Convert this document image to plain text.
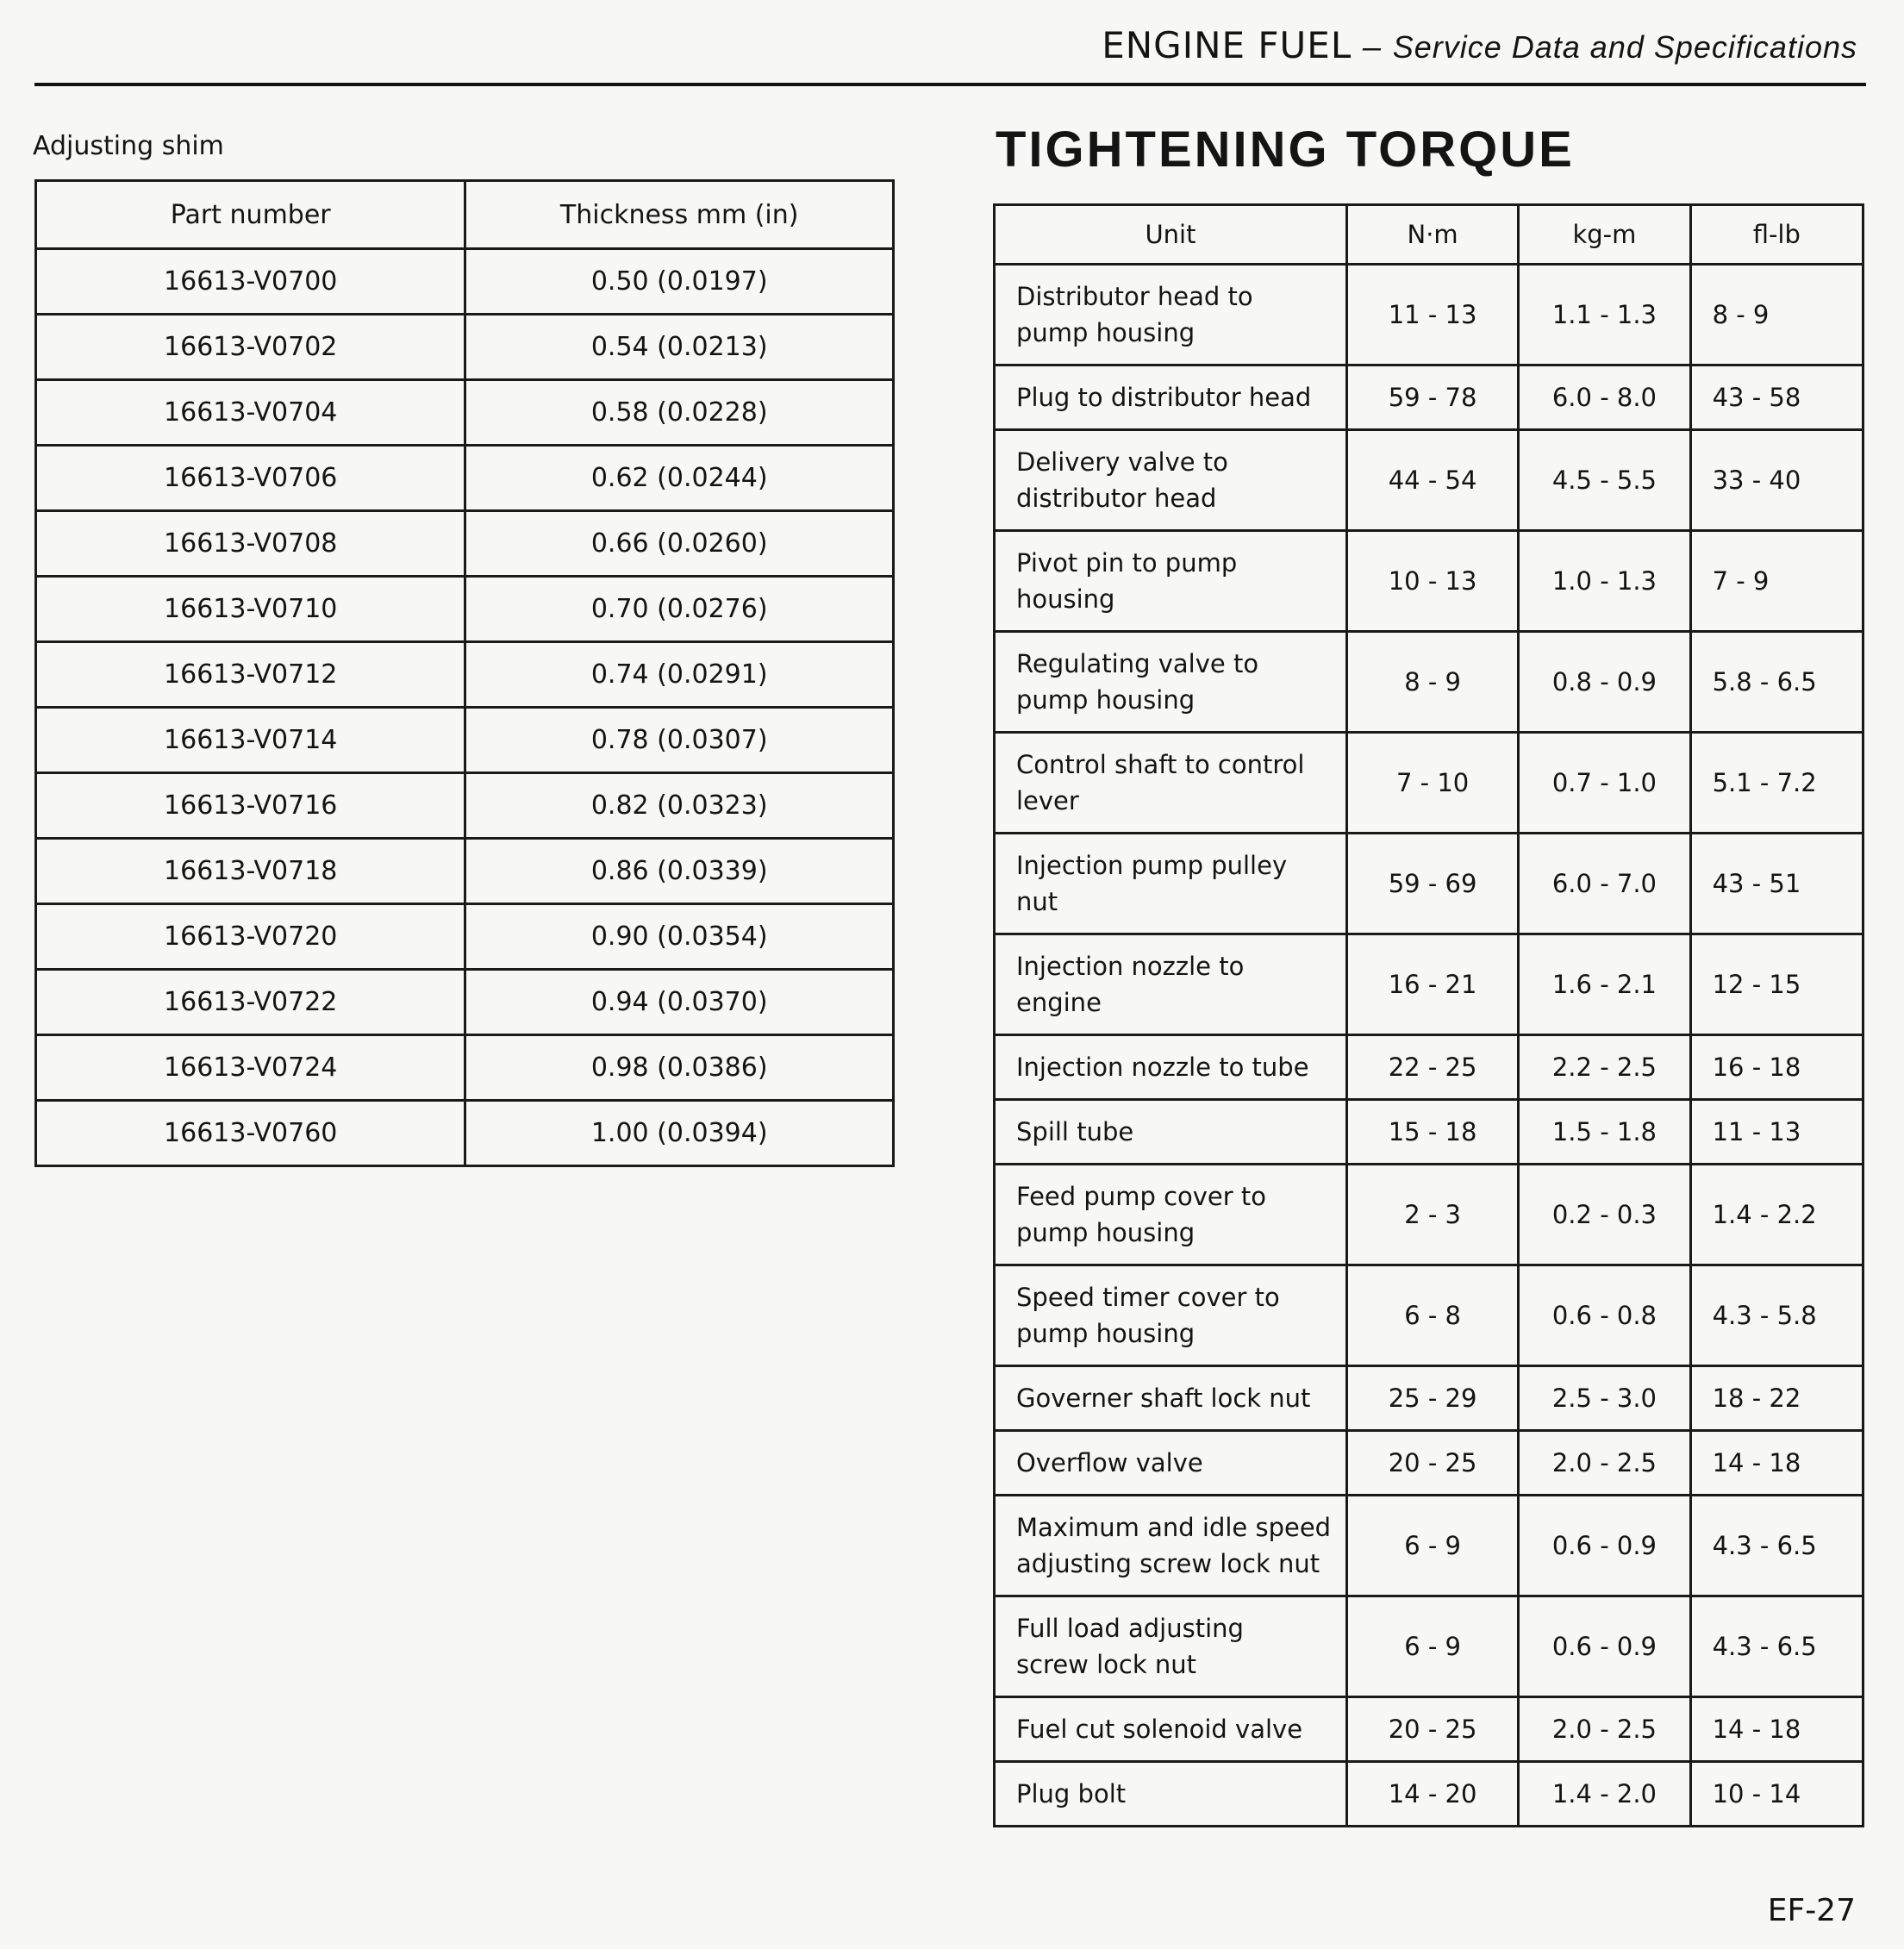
ENGINE FUEL – Service Data and Specifications
Adjusting shim
Part number	Thickness mm (in)
16613-V0700	0.50 (0.0197)
16613-V0702	0.54 (0.0213)
16613-V0704	0.58 (0.0228)
16613-V0706	0.62 (0.0244)
16613-V0708	0.66 (0.0260)
16613-V0710	0.70 (0.0276)
16613-V0712	0.74 (0.0291)
16613-V0714	0.78 (0.0307)
16613-V0716	0.82 (0.0323)
16613-V0718	0.86 (0.0339)
16613-V0720	0.90 (0.0354)
16613-V0722	0.94 (0.0370)
16613-V0724	0.98 (0.0386)
16613-V0760	1.00 (0.0394)
TIGHTENING TORQUE
Unit	N·m	kg-m	fl-lb

Distributor head to
pump housing	11 - 13	1.1 - 1.3	8 - 9

Plug to distributor head	59 - 78	6.0 - 8.0	43 - 58

Delivery valve to
distributor head	44 - 54	4.5 - 5.5	33 - 40

Pivot pin to pump
housing	10 - 13	1.0 - 1.3	7 - 9

Regulating valve to
pump housing	8 - 9	0.8 - 0.9	5.8 - 6.5

Control shaft to control
lever	7 - 10	0.7 - 1.0	5.1 - 7.2

Injection pump pulley
nut	59 - 69	6.0 - 7.0	43 - 51

Injection nozzle to
engine	16 - 21	1.6 - 2.1	12 - 15

Injection nozzle to tube	22 - 25	2.2 - 2.5	16 - 18

Spill tube	15 - 18	1.5 - 1.8	11 - 13

Feed pump cover to
pump housing	2 - 3	0.2 - 0.3	1.4 - 2.2

Speed timer cover to
pump housing	6 - 8	0.6 - 0.8	4.3 - 5.8

Governer shaft lock nut	25 - 29	2.5 - 3.0	18 - 22

Overflow valve	20 - 25	2.0 - 2.5	14 - 18

Maximum and idle speed
adjusting screw lock nut	6 - 9	0.6 - 0.9	4.3 - 6.5

Full load adjusting
screw lock nut	6 - 9	0.6 - 0.9	4.3 - 6.5

Fuel cut solenoid valve	20 - 25	2.0 - 2.5	14 - 18

Plug bolt	14 - 20	1.4 - 2.0	10 - 14
EF-27
